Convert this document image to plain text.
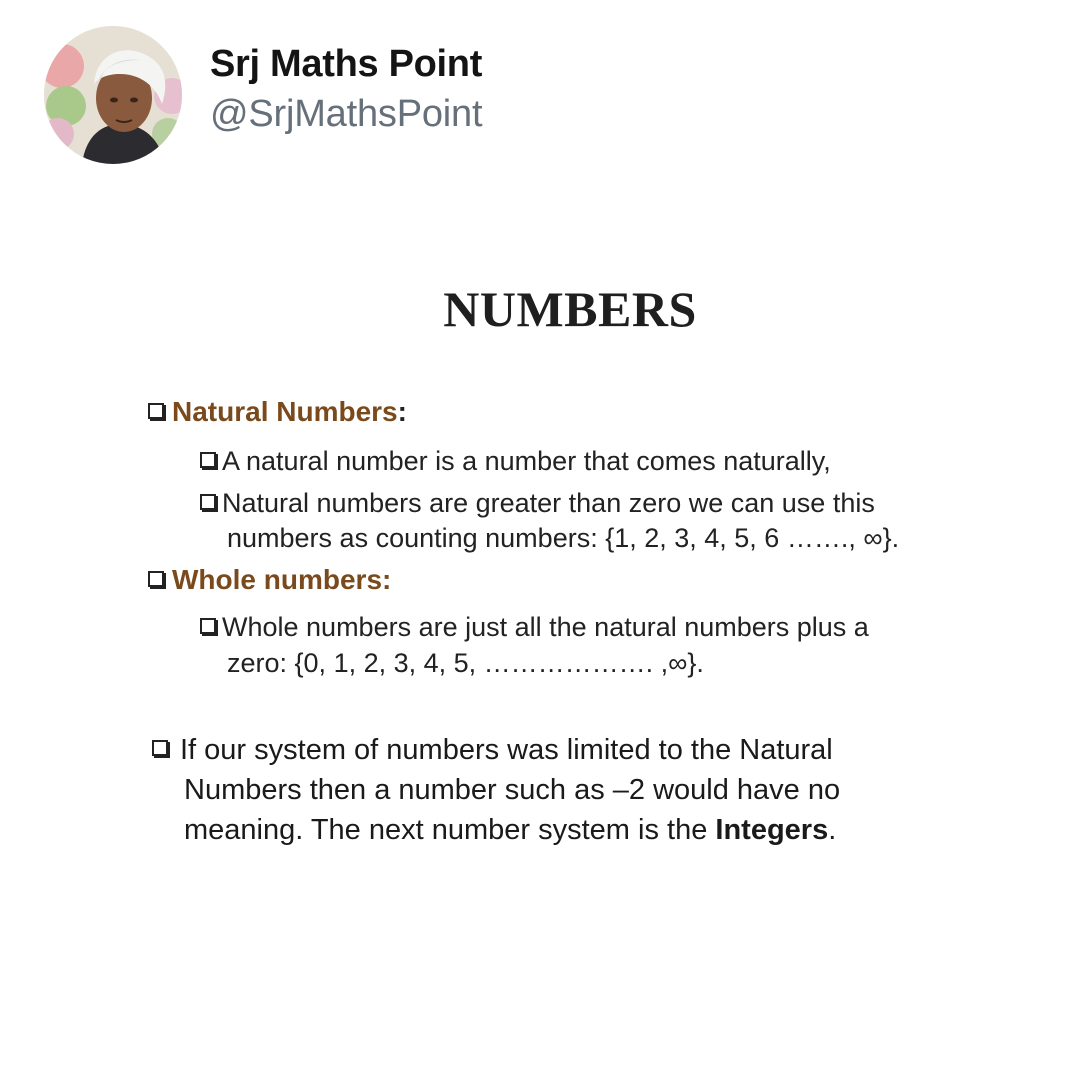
Srj Maths Point
@SrjMathsPoint
NUMBERS
Natural Numbers:
A natural number is a number that comes naturally,
Natural numbers are greater than zero we can use this
numbers as counting numbers: {1, 2, 3, 4, 5, 6 ……., ∞}.
Whole numbers:
Whole numbers are just all the natural numbers plus a
zero: {0, 1, 2, 3, 4, 5, ………………. ,∞}.
If our system of numbers was limited to the Natural
Numbers then a number such as –2 would have no
meaning. The next number system is the Integers.
